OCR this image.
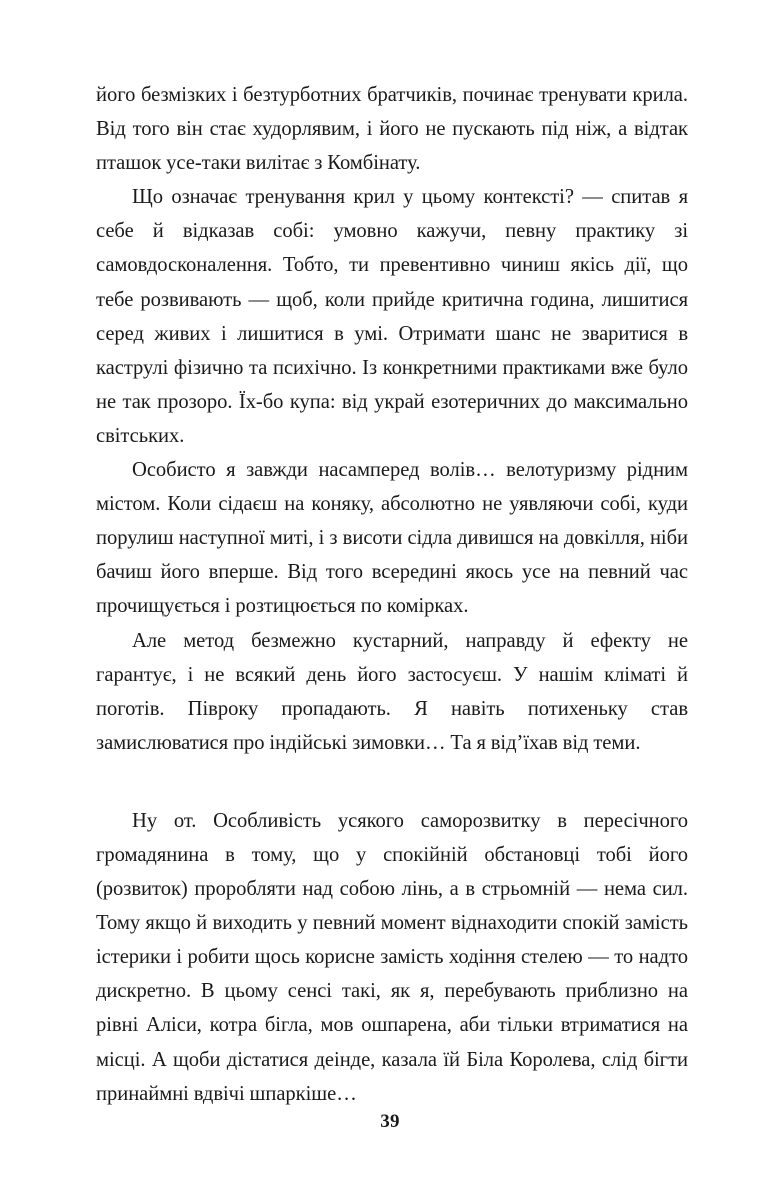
його безмізких і безтурботних братчиків, починає тренувати крила. Від того він стає худорлявим, і його не пускають під ніж, а відтак пташок усе-таки вилітає з Комбінату.

Що означає тренування крил у цьому контексті? — спитав я себе й відказав собі: умовно кажучи, певну практику зі самовдосконалення. Тобто, ти превентивно чиниш якісь дії, що тебе розвивають — щоб, коли прийде критична година, лишитися серед живих і лишитися в умі. Отримати шанс не зваритися в каструлі фізично та психічно. Із конкретними практиками вже було не так прозоро. Їх-бо купа: від украй езотеричних до максимально світських.

Особисто я завжди насамперед волів… велотуризму рідним містом. Коли сідаєш на коняку, абсолютно не уявляючи собі, куди порулиш наступної миті, і з висоти сідла дивишся на довкілля, ніби бачиш його вперше. Від того всередині якось усе на певний час прочищується і розтицюється по комірках.

Але метод безмежно кустарний, направду й ефекту не гарантує, і не всякий день його застосуєш. У нашім кліматі й поготів. Півроку пропадають. Я навіть потихеньку став замислюватися про індійські зимовки… Та я від’їхав від теми.

Ну от. Особливість усякого саморозвитку в пересічного громадянина в тому, що у спокійній обстановці тобі його (розвиток) проробляти над собою лінь, а в стрьомній — нема сил. Тому якщо й виходить у певний момент віднаходити спокій замість істерики і робити щось корисне замість ходіння стелею — то надто дискретно. В цьому сенсі такі, як я, перебувають приблизно на рівні Аліси, котра бігла, мов ошпарена, аби тільки втриматися на місці. А щоби дістатися деінде, казала їй Біла Королева, слід бігти принаймні вдвічі шпаркіше…

39
